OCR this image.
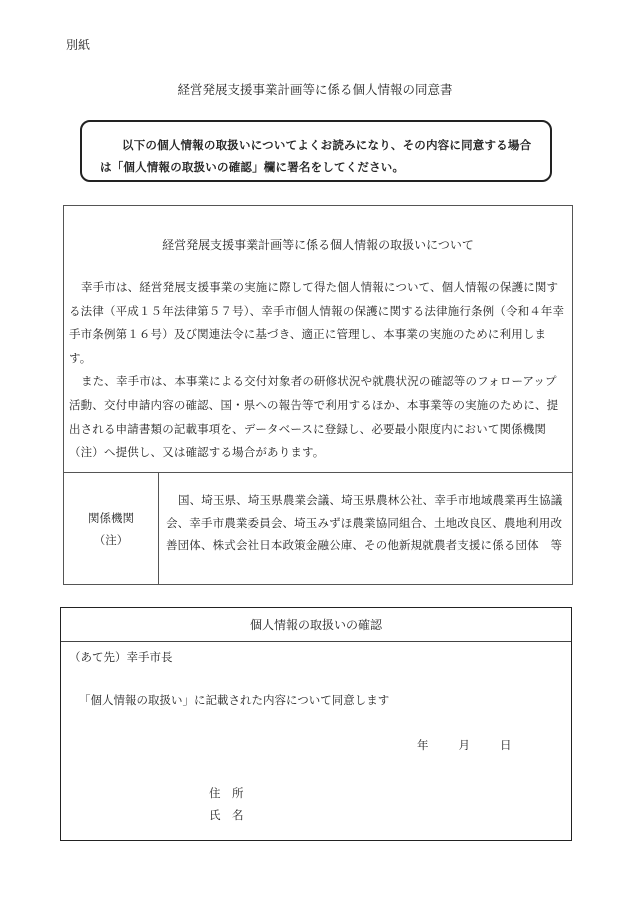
別紙
経営発展支援事業計画等に係る個人情報の同意書

以下の個人情報の取扱いについてよくお読みになり、その内容に同意する場合

は「個人情報の取扱いの確認」欄に署名をしてください。

経営発展支援事業計画等に係る個人情報の取扱いについて

幸手市は、経営発展支援事業の実施に際して得た個人情報について、個人情報の保護に関する法律（平成１５年法律第５７号）、幸手市個人情報の保護に関する法律施行条例（令和４年幸手市条例第１６号）及び関連法令に基づき、適正に管理し、本事業の実施のために利用します。

また、幸手市は、本事業による交付対象者の研修状況や就農状況の確認等のフォローアップ活動、交付申請内容の確認、国・県への報告等で利用するほか、本事業等の実施のために、提出される申請書類の記載事項を、データベースに登録し、必要最小限度内において関係機関（注）へ提供し、又は確認する場合があります。

関係機関
（注）
国、埼玉県、埼玉県農業会議、埼玉県農林公社、幸手市地域農業再生協議会、幸手市農業委員会、埼玉みずほ農業協同組合、土地改良区、農地利用改善団体、株式会社日本政策金融公庫、その他新規就農者支援に係る団体　等
個人情報の取扱いの確認
（あて先）幸手市長
「個人情報の取扱い」に記載された内容について同意します
年	月	日
住　所
氏　名
